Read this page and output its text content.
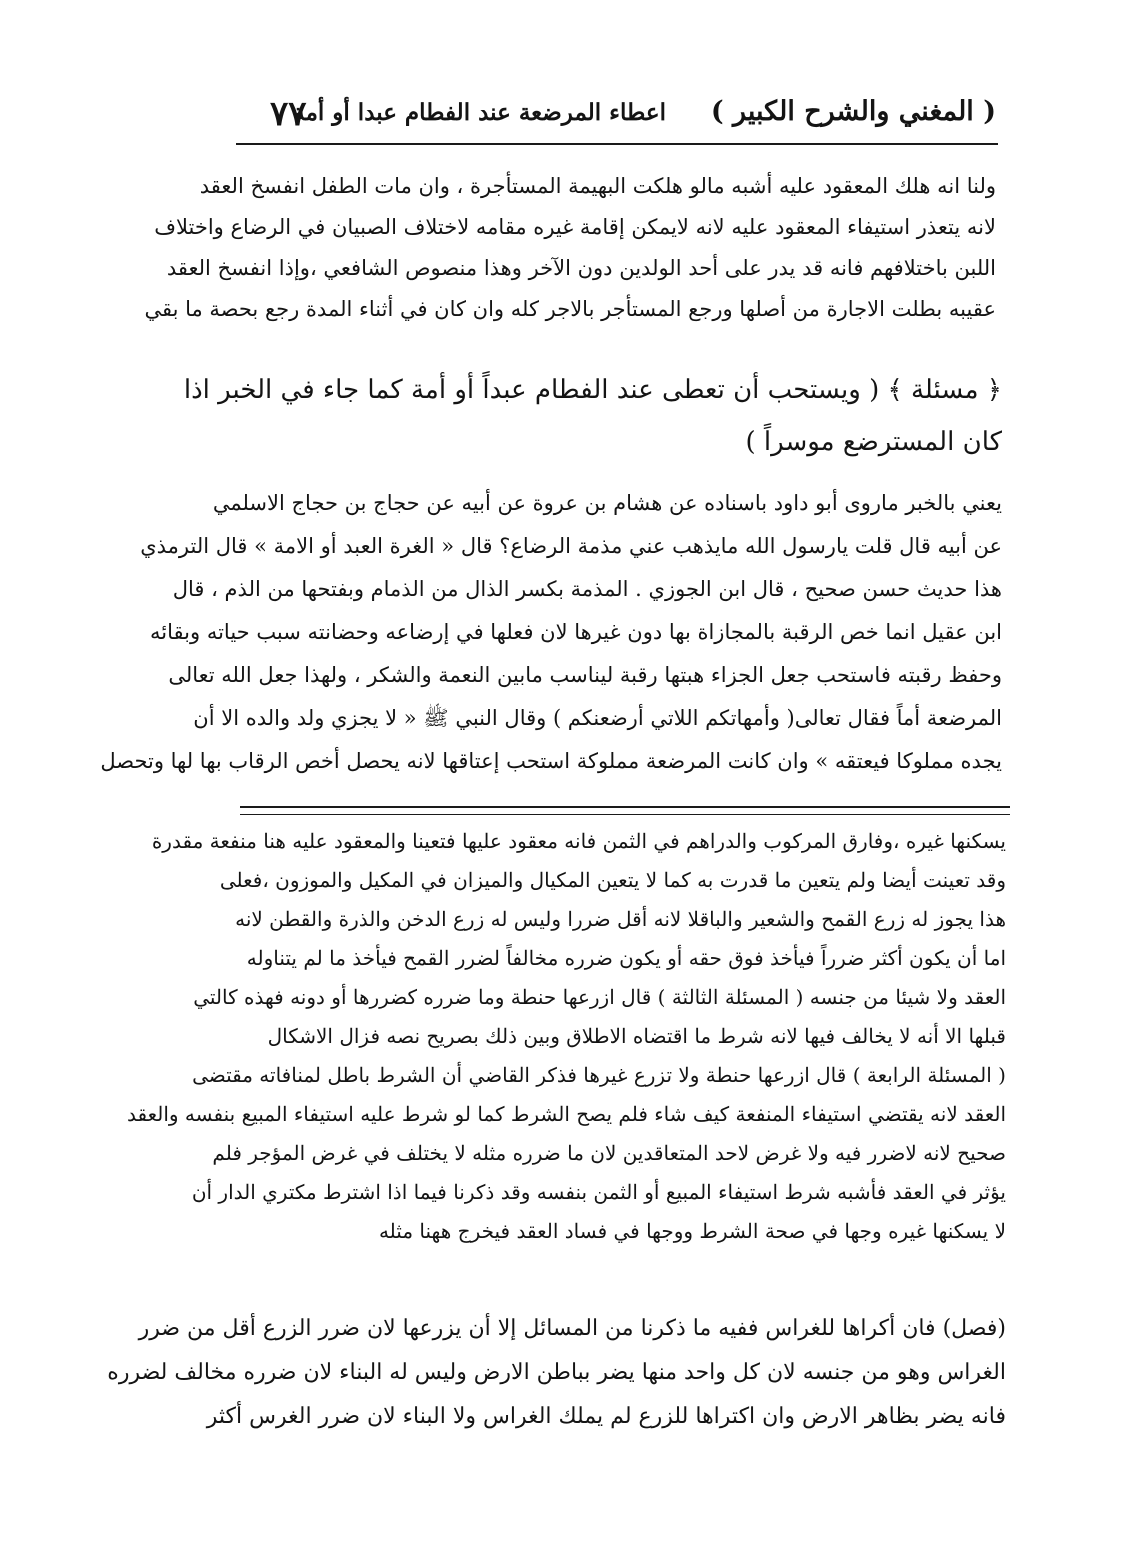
( المغني والشرح الكبير )
اعطاء المرضعة عند الفطام عبدا أو أمة
٧٧
ولنا انه هلك المعقود عليه أشبه مالو هلكت البهيمة المستأجرة ، وان مات الطفل انفسخ العقد
لانه يتعذر استيفاء المعقود عليه لانه لايمكن إقامة غيره مقامه لاختلاف الصبيان في الرضاع واختلاف
اللبن باختلافهم فانه قد يدر على أحد الولدين دون الآخر وهذا منصوص الشافعي ،وإذا انفسخ العقد
عقيبه بطلت الاجارة من أصلها ورجع المستأجر بالاجر كله وان كان في أثناء المدة رجع بحصة ما بقي
﴿ مسئلة ﴾ ( ويستحب أن تعطى عند الفطام عبداً أو أمة كما جاء في الخبر اذا
كان المسترضع موسراً )
يعني بالخبر ماروى أبو داود باسناده عن هشام بن عروة عن أبيه عن حجاج بن حجاج الاسلمي
عن أبيه قال قلت يارسول الله مايذهب عني مذمة الرضاع؟ قال « الغرة العبد أو الامة » قال الترمذي
هذا حديث حسن صحيح ، قال ابن الجوزي . المذمة بكسر الذال من الذمام وبفتحها من الذم ، قال
ابن عقيل انما خص الرقبة بالمجازاة بها دون غيرها لان فعلها في إرضاعه وحضانته سبب حياته وبقائه
وحفظ رقبته فاستحب جعل الجزاء هبتها رقبة ليناسب مابين النعمة والشكر ، ولهذا جعل الله تعالى
المرضعة أماً فقال تعالى( وأمهاتكم اللاتي أرضعنكم ) وقال النبي ﷺ « لا يجزي ولد والده الا أن
يجده مملوكا فيعتقه » وان كانت المرضعة مملوكة استحب إعتاقها لانه يحصل أخص الرقاب بها لها وتحصل
يسكنها غيره ،وفارق المركوب والدراهم في الثمن فانه معقود عليها فتعينا والمعقود عليه هنا منفعة مقدرة
وقد تعينت أيضا ولم يتعين ما قدرت به كما لا يتعين المكيال والميزان في المكيل والموزون ،فعلى
هذا يجوز له زرع القمح والشعير والباقلا لانه أقل ضررا وليس له زرع الدخن والذرة والقطن لانه
اما أن يكون أكثر ضرراً فيأخذ فوق حقه أو يكون ضرره مخالفاً لضرر القمح فيأخذ ما لم يتناوله
العقد ولا شيئا من جنسه ( المسئلة الثالثة ) قال ازرعها حنطة وما ضرره كضررها أو دونه فهذه كالتي
قبلها الا أنه لا يخالف فيها لانه شرط ما اقتضاه الاطلاق وبين ذلك بصريح نصه فزال الاشكال
( المسئلة الرابعة ) قال ازرعها حنطة ولا تزرع غيرها فذكر القاضي أن الشرط باطل لمنافاته مقتضى
العقد لانه يقتضي استيفاء المنفعة كيف شاء فلم يصح الشرط كما لو شرط عليه استيفاء المبيع بنفسه والعقد
صحيح لانه لاضرر فيه ولا غرض لاحد المتعاقدين لان ما ضرره مثله لا يختلف في غرض المؤجر فلم
يؤثر في العقد فأشبه شرط استيفاء المبيع أو الثمن بنفسه وقد ذكرنا فيما اذا اشترط مكتري الدار أن
لا يسكنها غيره وجها في صحة الشرط ووجها في فساد العقد فيخرج ههنا مثله
(فصل) فان أكراها للغراس ففيه ما ذكرنا من المسائل إلا أن يزرعها لان ضرر الزرع أقل من ضرر
الغراس وهو من جنسه لان كل واحد منها يضر بباطن الارض وليس له البناء لان ضرره مخالف لضرره
فانه يضر بظاهر الارض وان اكتراها للزرع لم يملك الغراس ولا البناء لان ضرر الغرس أكثر
